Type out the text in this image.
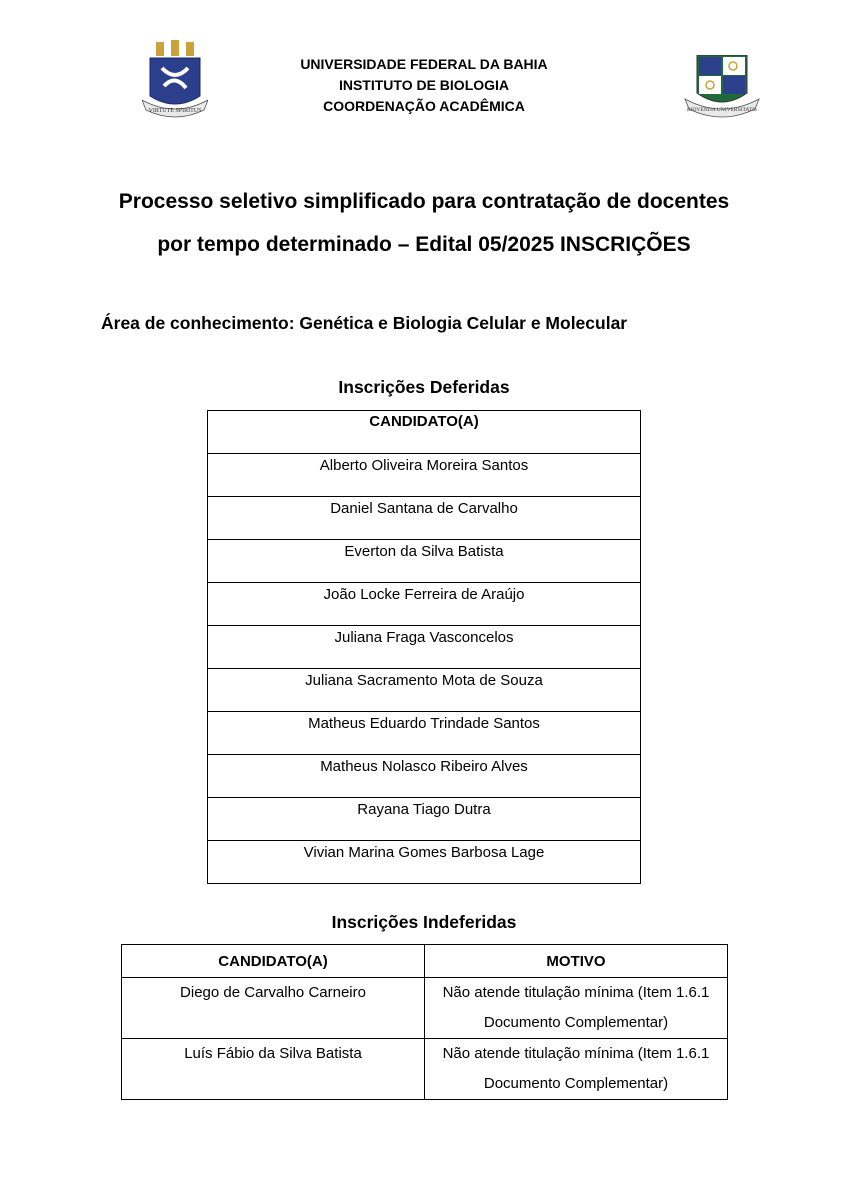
VIRTUTE SPIRITUS	BIOVENDA UNIVERSITATIS
UNIVERSIDADE FEDERAL DA BAHIA
INSTITUTO DE BIOLOGIA
COORDENAÇÃO ACADÊMICA
Processo seletivo simplificado para contratação de docentes
por tempo determinado – Edital 05/2025 INSCRIÇÕES
Área de conhecimento: Genética e Biologia Celular e Molecular
Inscrições Deferidas
CANDIDATO(A)
Alberto Oliveira Moreira Santos
Daniel Santana de Carvalho
Everton da Silva Batista
João Locke Ferreira de Araújo
Juliana Fraga Vasconcelos
Juliana Sacramento Mota de Souza
Matheus Eduardo Trindade Santos
Matheus Nolasco Ribeiro Alves
Rayana Tiago Dutra
Vivian Marina Gomes Barbosa Lage
Inscrições Indeferidas
CANDIDATO(A)	MOTIVO
Diego de Carvalho Carneiro	Não atende titulação mínima (Item 1.6.1 Documento Complementar)
Luís Fábio da Silva Batista	Não atende titulação mínima (Item 1.6.1 Documento Complementar)
